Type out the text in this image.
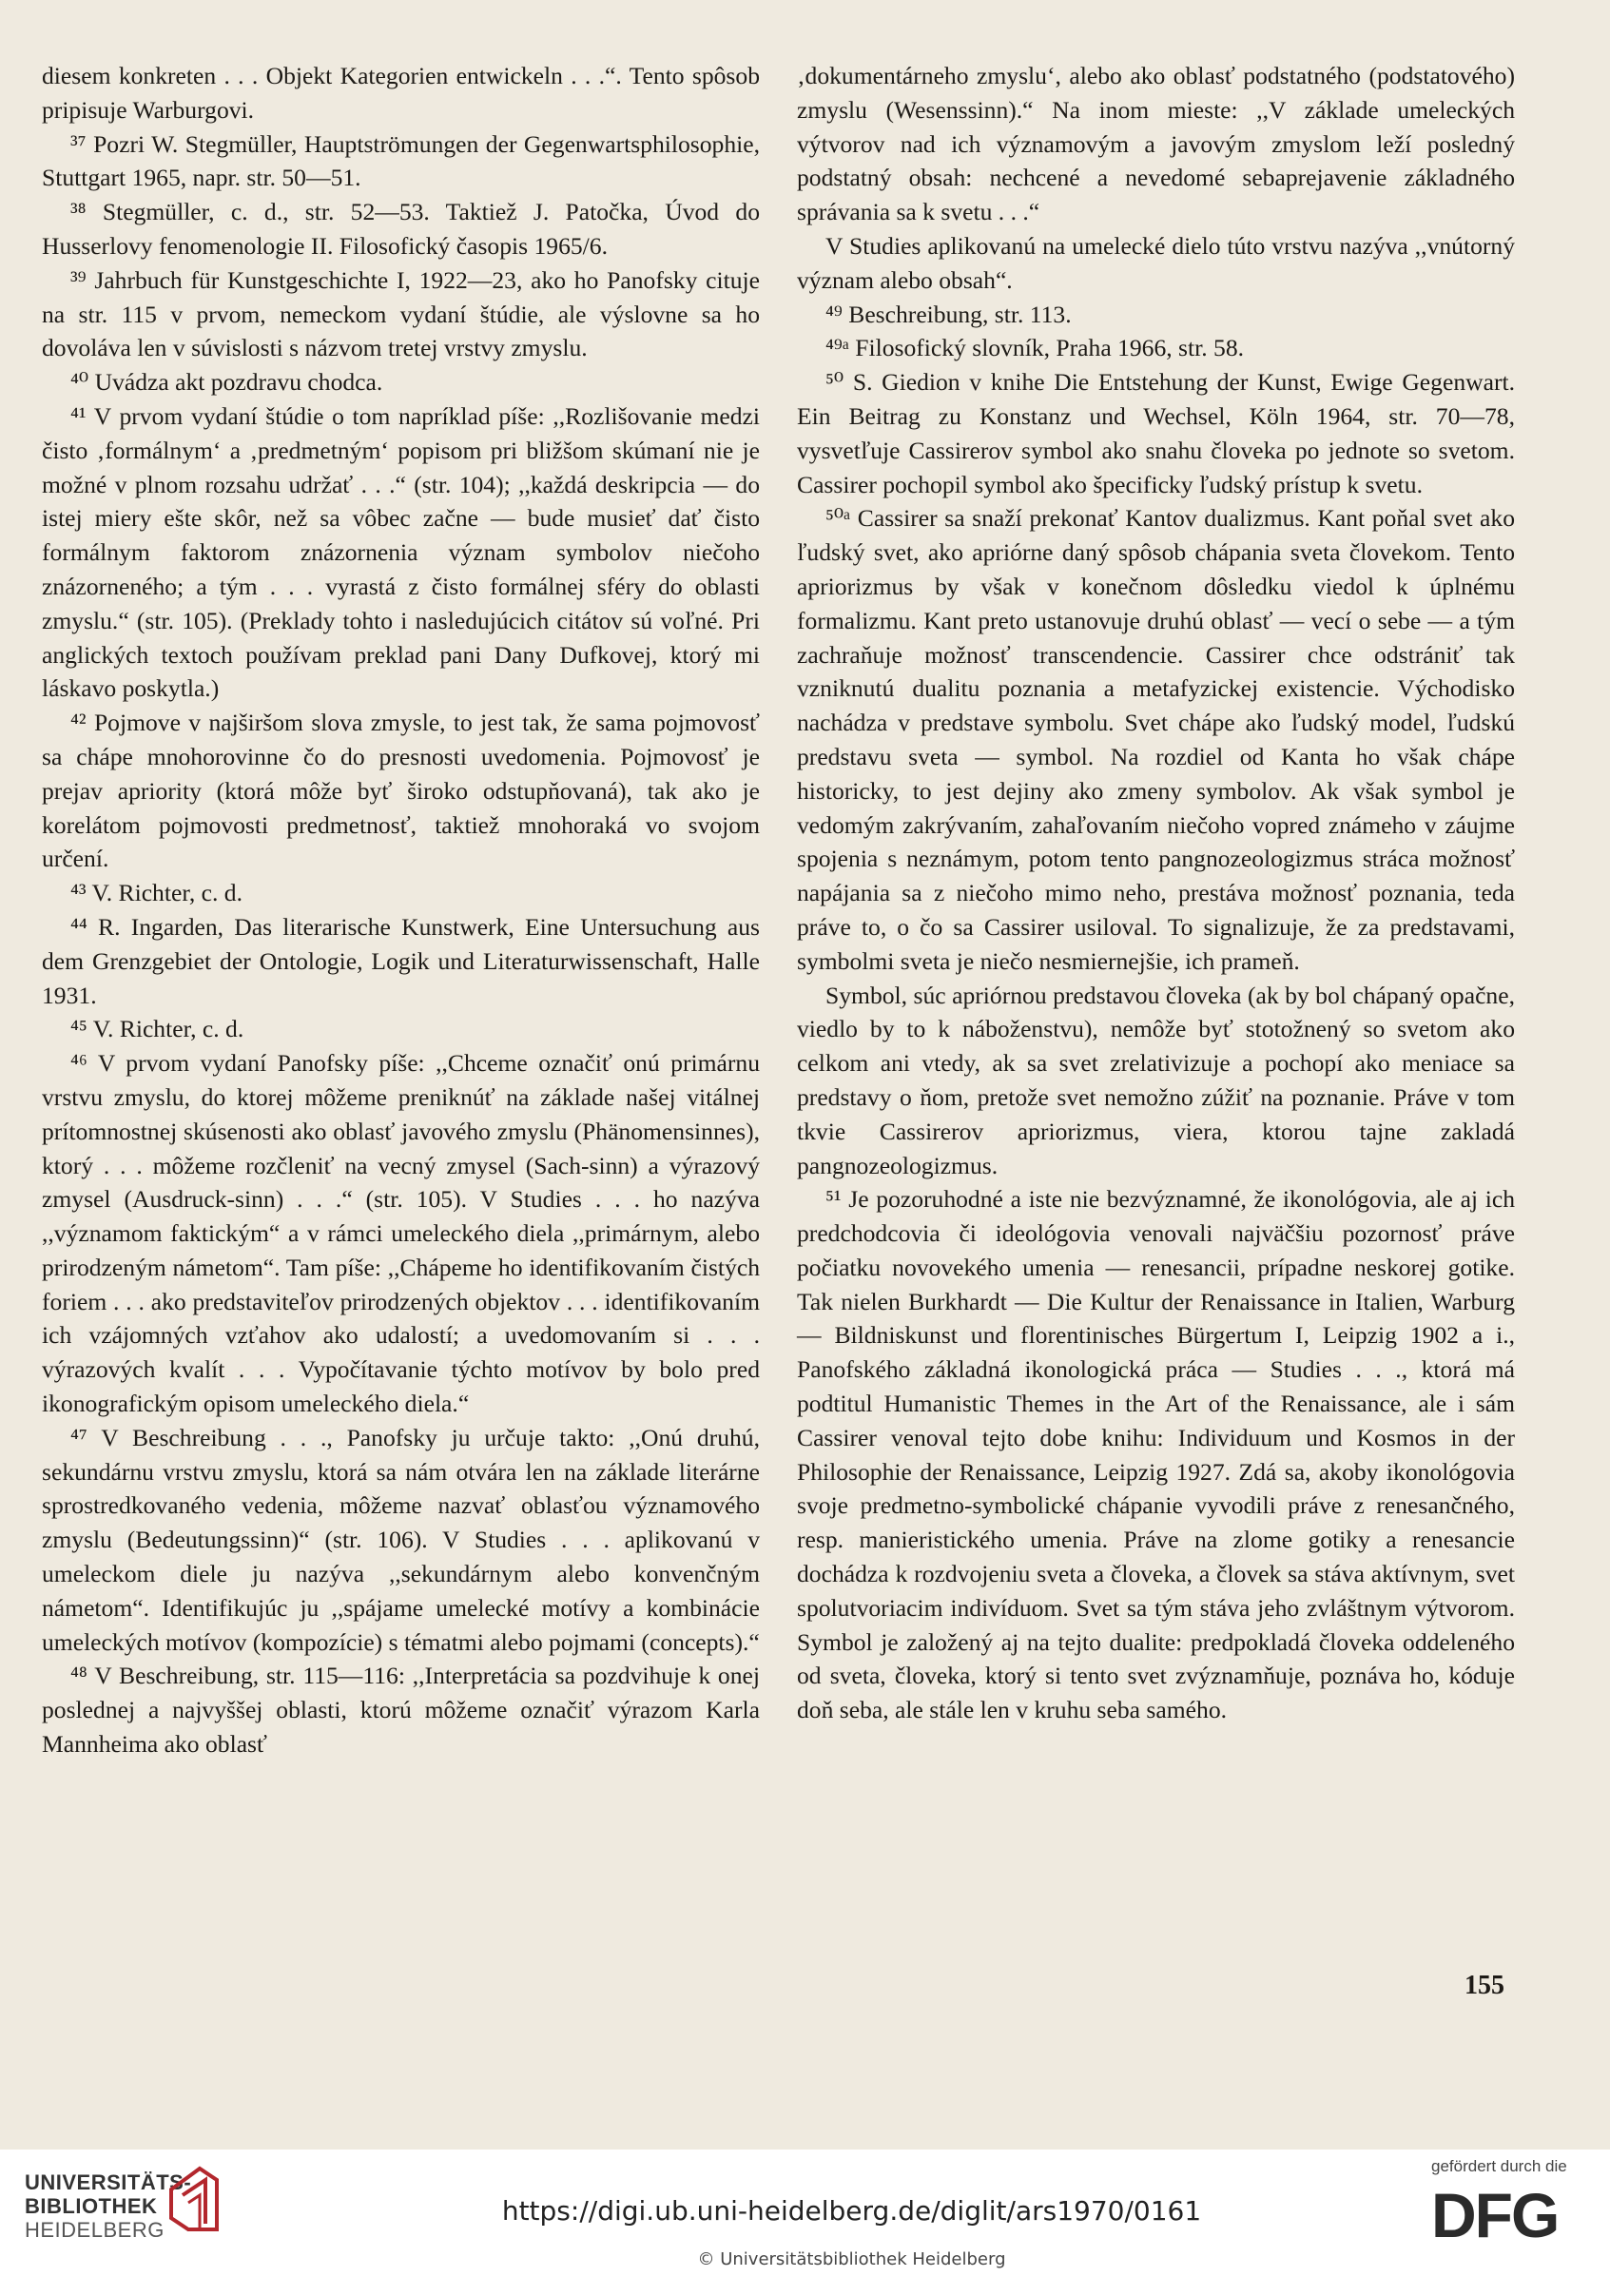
diesem konkreten . . . Objekt Kategorien entwickeln . . .“. Tento spôsob pripisuje Warburgovi.

³⁷ Pozri W. Stegmüller, Hauptströmungen der Gegenwartsphilosophie, Stuttgart 1965, napr. str. 50—51.

³⁸ Stegmüller, c. d., str. 52—53. Taktiež J. Patočka, Úvod do Husserlovy fenomenologie II. Filosofický časopis 1965/6.

³⁹ Jahrbuch für Kunstgeschichte I, 1922—23, ako ho Panofsky cituje na str. 115 v prvom, nemeckom vydaní štúdie, ale výslovne sa ho dovoláva len v súvislosti s názvom tretej vrstvy zmyslu.

⁴⁰ Uvádza akt pozdravu chodca.

⁴¹ V prvom vydaní štúdie o tom napríklad píše: ,,Rozlišovanie medzi čisto ‚formálnym‘ a ‚predmetným‘ popisom pri bližšom skúmaní nie je možné v plnom rozsahu udržať . . .“ (str. 104); ,,každá deskripcia — do istej miery ešte skôr, než sa vôbec začne — bude musieť dať čisto formálnym faktorom znázornenia význam symbolov niečoho znázorneného; a tým . . . vyrastá z čisto formálnej sféry do oblasti zmyslu.“ (str. 105). (Preklady tohto i nasledujúcich citátov sú voľné. Pri anglických textoch používam preklad pani Dany Dufkovej, ktorý mi láskavo poskytla.)

⁴² Pojmove v najširšom slova zmysle, to jest tak, že sama pojmovosť sa chápe mnohorovinne čo do presnosti uvedomenia. Pojmovosť je prejav apriority (ktorá môže byť široko odstupňovaná), tak ako je korelátom pojmovosti predmetnosť, taktiež mnohoraká vo svojom určení.

⁴³ V. Richter, c. d.

⁴⁴ R. Ingarden, Das literarische Kunstwerk, Eine Untersuchung aus dem Grenzgebiet der Ontologie, Logik und Literaturwissenschaft, Halle 1931.

⁴⁵ V. Richter, c. d.

⁴⁶ V prvom vydaní Panofsky píše: ,,Chceme označiť onú primárnu vrstvu zmyslu, do ktorej môžeme preniknúť na základe našej vitálnej prítomnostnej skúsenosti ako oblasť javového zmyslu (Phänomensinnes), ktorý . . . môžeme rozčleniť na vecný zmysel (Sach-sinn) a výrazový zmysel (Ausdruck-sinn) . . .“ (str. 105). V Studies . . . ho nazýva ,,významom faktickým“ a v rámci umeleckého diela ,,primárnym, alebo prirodzeným námetom“. Tam píše: ,,Chápeme ho identifikovaním čistých foriem . . . ako predstaviteľov prirodzených objektov . . . identifikovaním ich vzájomných vzťahov ako udalostí; a uvedomovaním si . . . výrazových kvalít . . . Vypočítavanie týchto motívov by bolo pred ikonografickým opisom umeleckého diela.“

⁴⁷ V Beschreibung . . ., Panofsky ju určuje takto: ,,Onú druhú, sekundárnu vrstvu zmyslu, ktorá sa nám otvára len na základe literárne sprostredkovaného vedenia, môžeme nazvať oblasťou významového zmyslu (Bedeutungssinn)“ (str. 106). V Studies . . . aplikovanú v umeleckom diele ju nazýva ,,sekundárnym alebo konvenčným námetom“. Identifikujúc ju ,,spájame umelecké motívy a kombinácie umeleckých motívov (kompozície) s tématmi alebo pojmami (concepts).“

⁴⁸ V Beschreibung, str. 115—116: ,,Interpretácia sa pozdvihuje k onej poslednej a najvyššej oblasti, ktorú môžeme označiť výrazom Karla Mannheima ako oblasť

‚dokumentárneho zmyslu‘, alebo ako oblasť podstatného (podstatového) zmyslu (Wesenssinn).“ Na inom mieste: ,,V základe umeleckých výtvorov nad ich významovým a javovým zmyslom leží posledný podstatný obsah: nechcené a nevedomé sebaprejavenie základného správania sa k svetu . . .“

V Studies aplikovanú na umelecké dielo túto vrstvu nazýva ,,vnútorný význam alebo obsah“.

⁴⁹ Beschreibung, str. 113.

⁴⁹ᵃ Filosofický slovník, Praha 1966, str. 58.

⁵⁰ S. Giedion v knihe Die Entstehung der Kunst, Ewige Gegenwart. Ein Beitrag zu Konstanz und Wechsel, Köln 1964, str. 70—78, vysvetľuje Cassirerov symbol ako snahu človeka po jednote so svetom. Cassirer pochopil symbol ako špecificky ľudský prístup k svetu.

⁵⁰ᵃ Cassirer sa snaží prekonať Kantov dualizmus. Kant poňal svet ako ľudský svet, ako apriórne daný spôsob chápania sveta človekom. Tento apriorizmus by však v konečnom dôsledku viedol k úplnému formalizmu. Kant preto ustanovuje druhú oblasť — vecí o sebe — a tým zachraňuje možnosť transcendencie. Cassirer chce odstrániť tak vzniknutú dualitu poznania a metafyzickej existencie. Východisko nachádza v predstave symbolu. Svet chápe ako ľudský model, ľudskú predstavu sveta — symbol. Na rozdiel od Kanta ho však chápe historicky, to jest dejiny ako zmeny symbolov. Ak však symbol je vedomým zakrývaním, zahaľovaním niečoho vopred známeho v záujme spojenia s neznámym, potom tento pangnozeologizmus stráca možnosť napájania sa z niečoho mimo neho, prestáva možnosť poznania, teda práve to, o čo sa Cassirer usiloval. To signalizuje, že za predstavami, symbolmi sveta je niečo nesmiernejšie, ich prameň.

Symbol, súc apriórnou predstavou človeka (ak by bol chápaný opačne, viedlo by to k náboženstvu), nemôže byť stotožnený so svetom ako celkom ani vtedy, ak sa svet zrelativizuje a pochopí ako meniace sa predstavy o ňom, pretože svet nemožno zúžiť na poznanie. Práve v tom tkvie Cassirerov apriorizmus, viera, ktorou tajne zakladá pangnozeologizmus.

⁵¹ Je pozoruhodné a iste nie bezvýznamné, že ikonológovia, ale aj ich predchodcovia či ideológovia venovali najväčšiu pozornosť práve počiatku novovekého umenia — renesancii, prípadne neskorej gotike. Tak nielen Burkhardt — Die Kultur der Renaissance in Italien, Warburg — Bildniskunst und florentinisches Bürgertum I, Leipzig 1902 a i., Panofského základná ikonologická práca — Studies . . ., ktorá má podtitul Humanistic Themes in the Art of the Renaissance, ale i sám Cassirer venoval tejto dobe knihu: Individuum und Kosmos in der Philosophie der Renaissance, Leipzig 1927. Zdá sa, akoby ikonológovia svoje predmetno-symbolické chápanie vyvodili práve z renesančného, resp. manieristického umenia. Práve na zlome gotiky a renesancie dochádza k rozdvojeniu sveta a človeka, a človek sa stáva aktívnym, svet spolutvoriacim indivíduom. Svet sa tým stáva jeho zvláštnym výtvorom. Symbol je založený aj na tejto dualite: predpokladá človeka oddeleného od sveta, človeka, ktorý si tento svet zvýznamňuje, poznáva ho, kóduje doň seba, ale stále len v kruhu seba samého.

155
UNIVERSITÄTS-
BIBLIOTHEK
HEIDELBERG
https://digi.ub.uni-heidelberg.de/diglit/ars1970/0161
© Universitätsbibliothek Heidelberg
gefördert durch die
DFG
